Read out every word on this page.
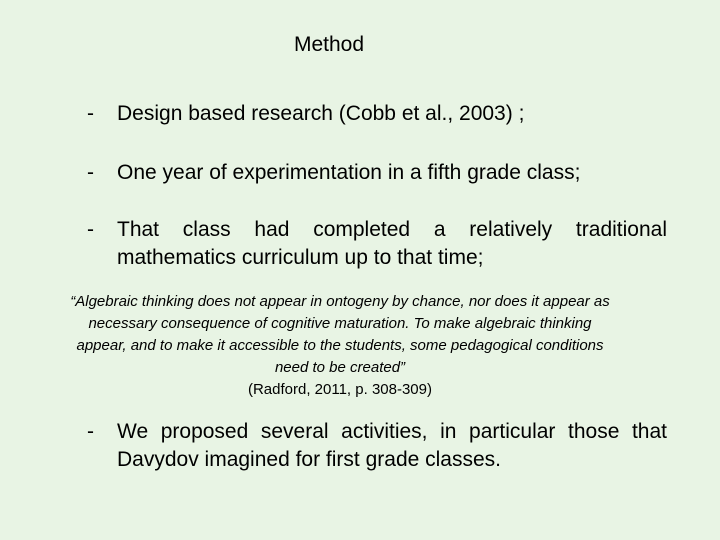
Method
-	Design based research (Cobb et al., 2003) ;
-	One year of experimentation in a fifth grade class;
-	That class had completed a relatively traditional mathematics curriculum up to that time;
“Algebraic thinking does not appear in ontogeny by chance, nor does it appear as necessary consequence of cognitive maturation. To make algebraic thinking appear, and to make it accessible to the students, some pedagogical conditions need to be created”
(Radford, 2011, p. 308-309)
-	We proposed several activities, in particular those that Davydov imagined for first grade classes.
